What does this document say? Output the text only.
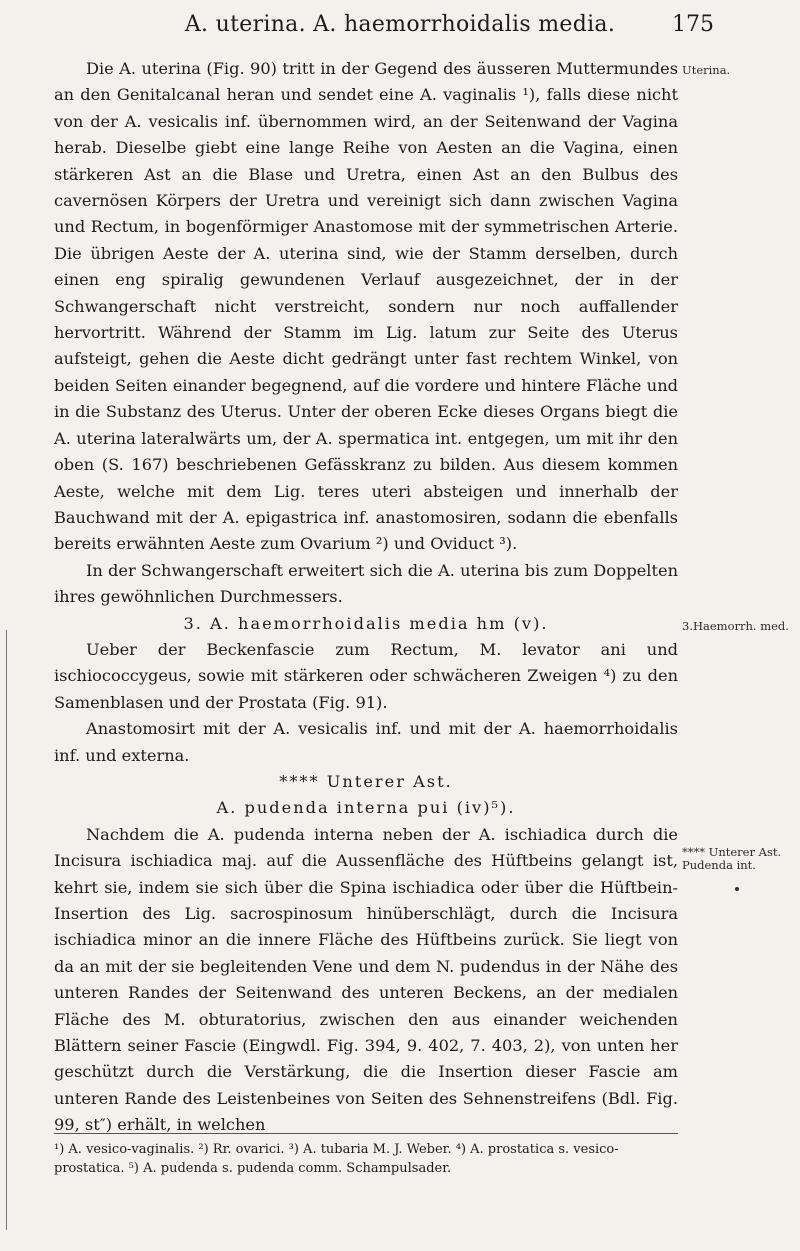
A. uterina. A. haemorrhoidalis media.	175

Die A. uterina (Fig. 90) tritt in der Gegend des äusseren Muttermundes an den Genitalcanal heran und sendet eine A. vaginalis ¹), falls diese nicht von der A. vesicalis inf. übernommen wird, an der Seitenwand der Vagina herab. Dieselbe giebt eine lange Reihe von Aesten an die Vagina, einen stärkeren Ast an die Blase und Uretra, einen Ast an den Bulbus des cavernösen Körpers der Uretra und vereinigt sich dann zwischen Vagina und Rectum, in bogenförmiger Anastomose mit der symmetrischen Arterie. Die übrigen Aeste der A. uterina sind, wie der Stamm derselben, durch einen eng spiralig gewundenen Verlauf ausgezeichnet, der in der Schwangerschaft nicht verstreicht, sondern nur noch auffallender hervortritt. Während der Stamm im Lig. latum zur Seite des Uterus aufsteigt, gehen die Aeste dicht gedrängt unter fast rechtem Winkel, von beiden Seiten einander begegnend, auf die vordere und hintere Fläche und in die Substanz des Uterus. Unter der oberen Ecke dieses Organs biegt die A. uterina lateralwärts um, der A. spermatica int. entgegen, um mit ihr den oben (S. 167) beschriebenen Gefässkranz zu bilden. Aus diesem kommen Aeste, welche mit dem Lig. teres uteri absteigen und innerhalb der Bauchwand mit der A. epigastrica inf. anastomosiren, sodann die ebenfalls bereits erwähnten Aeste zum Ovarium ²) und Oviduct ³).

In der Schwangerschaft erweitert sich die A. uterina bis zum Doppelten ihres gewöhnlichen Durchmessers.

3. A. haemorrhoidalis media hm (v).

Ueber der Beckenfascie zum Rectum, M. levator ani und ischiococcygeus, sowie mit stärkeren oder schwächeren Zweigen ⁴) zu den Samenblasen und der Prostata (Fig. 91).

Anastomosirt mit der A. vesicalis inf. und mit der A. haemorrhoidalis inf. und externa.

**** Unterer Ast.

A. pudenda interna pui (iv)⁵).

Nachdem die A. pudenda interna neben der A. ischiadica durch die Incisura ischiadica maj. auf die Aussenfläche des Hüftbeins gelangt ist, kehrt sie, indem sie sich über die Spina ischiadica oder über die Hüftbein-Insertion des Lig. sacrospinosum hinüberschlägt, durch die Incisura ischiadica minor an die innere Fläche des Hüftbeins zurück. Sie liegt von da an mit der sie begleitenden Vene und dem N. pudendus in der Nähe des unteren Randes der Seitenwand des unteren Beckens, an der medialen Fläche des M. obturatorius, zwischen den aus einander weichenden Blättern seiner Fascie (Eingwdl. Fig. 394, 9. 402, 7. 403, 2), von unten her geschützt durch die Verstärkung, die die Insertion dieser Fascie am unteren Rande des Leistenbeines von Seiten des Sehnenstreifens (Bdl. Fig. 99, st″) erhält, in welchen

Uterina.
3.Haemorrh. med.
**** Unterer Ast. Pudenda int.
¹) A. vesico-vaginalis. ²) Rr. ovarici. ³) A. tubaria M. J. Weber. ⁴) A. prostatica s. vesico-prostatica. ⁵) A. pudenda s. pudenda comm. Schampulsader.
